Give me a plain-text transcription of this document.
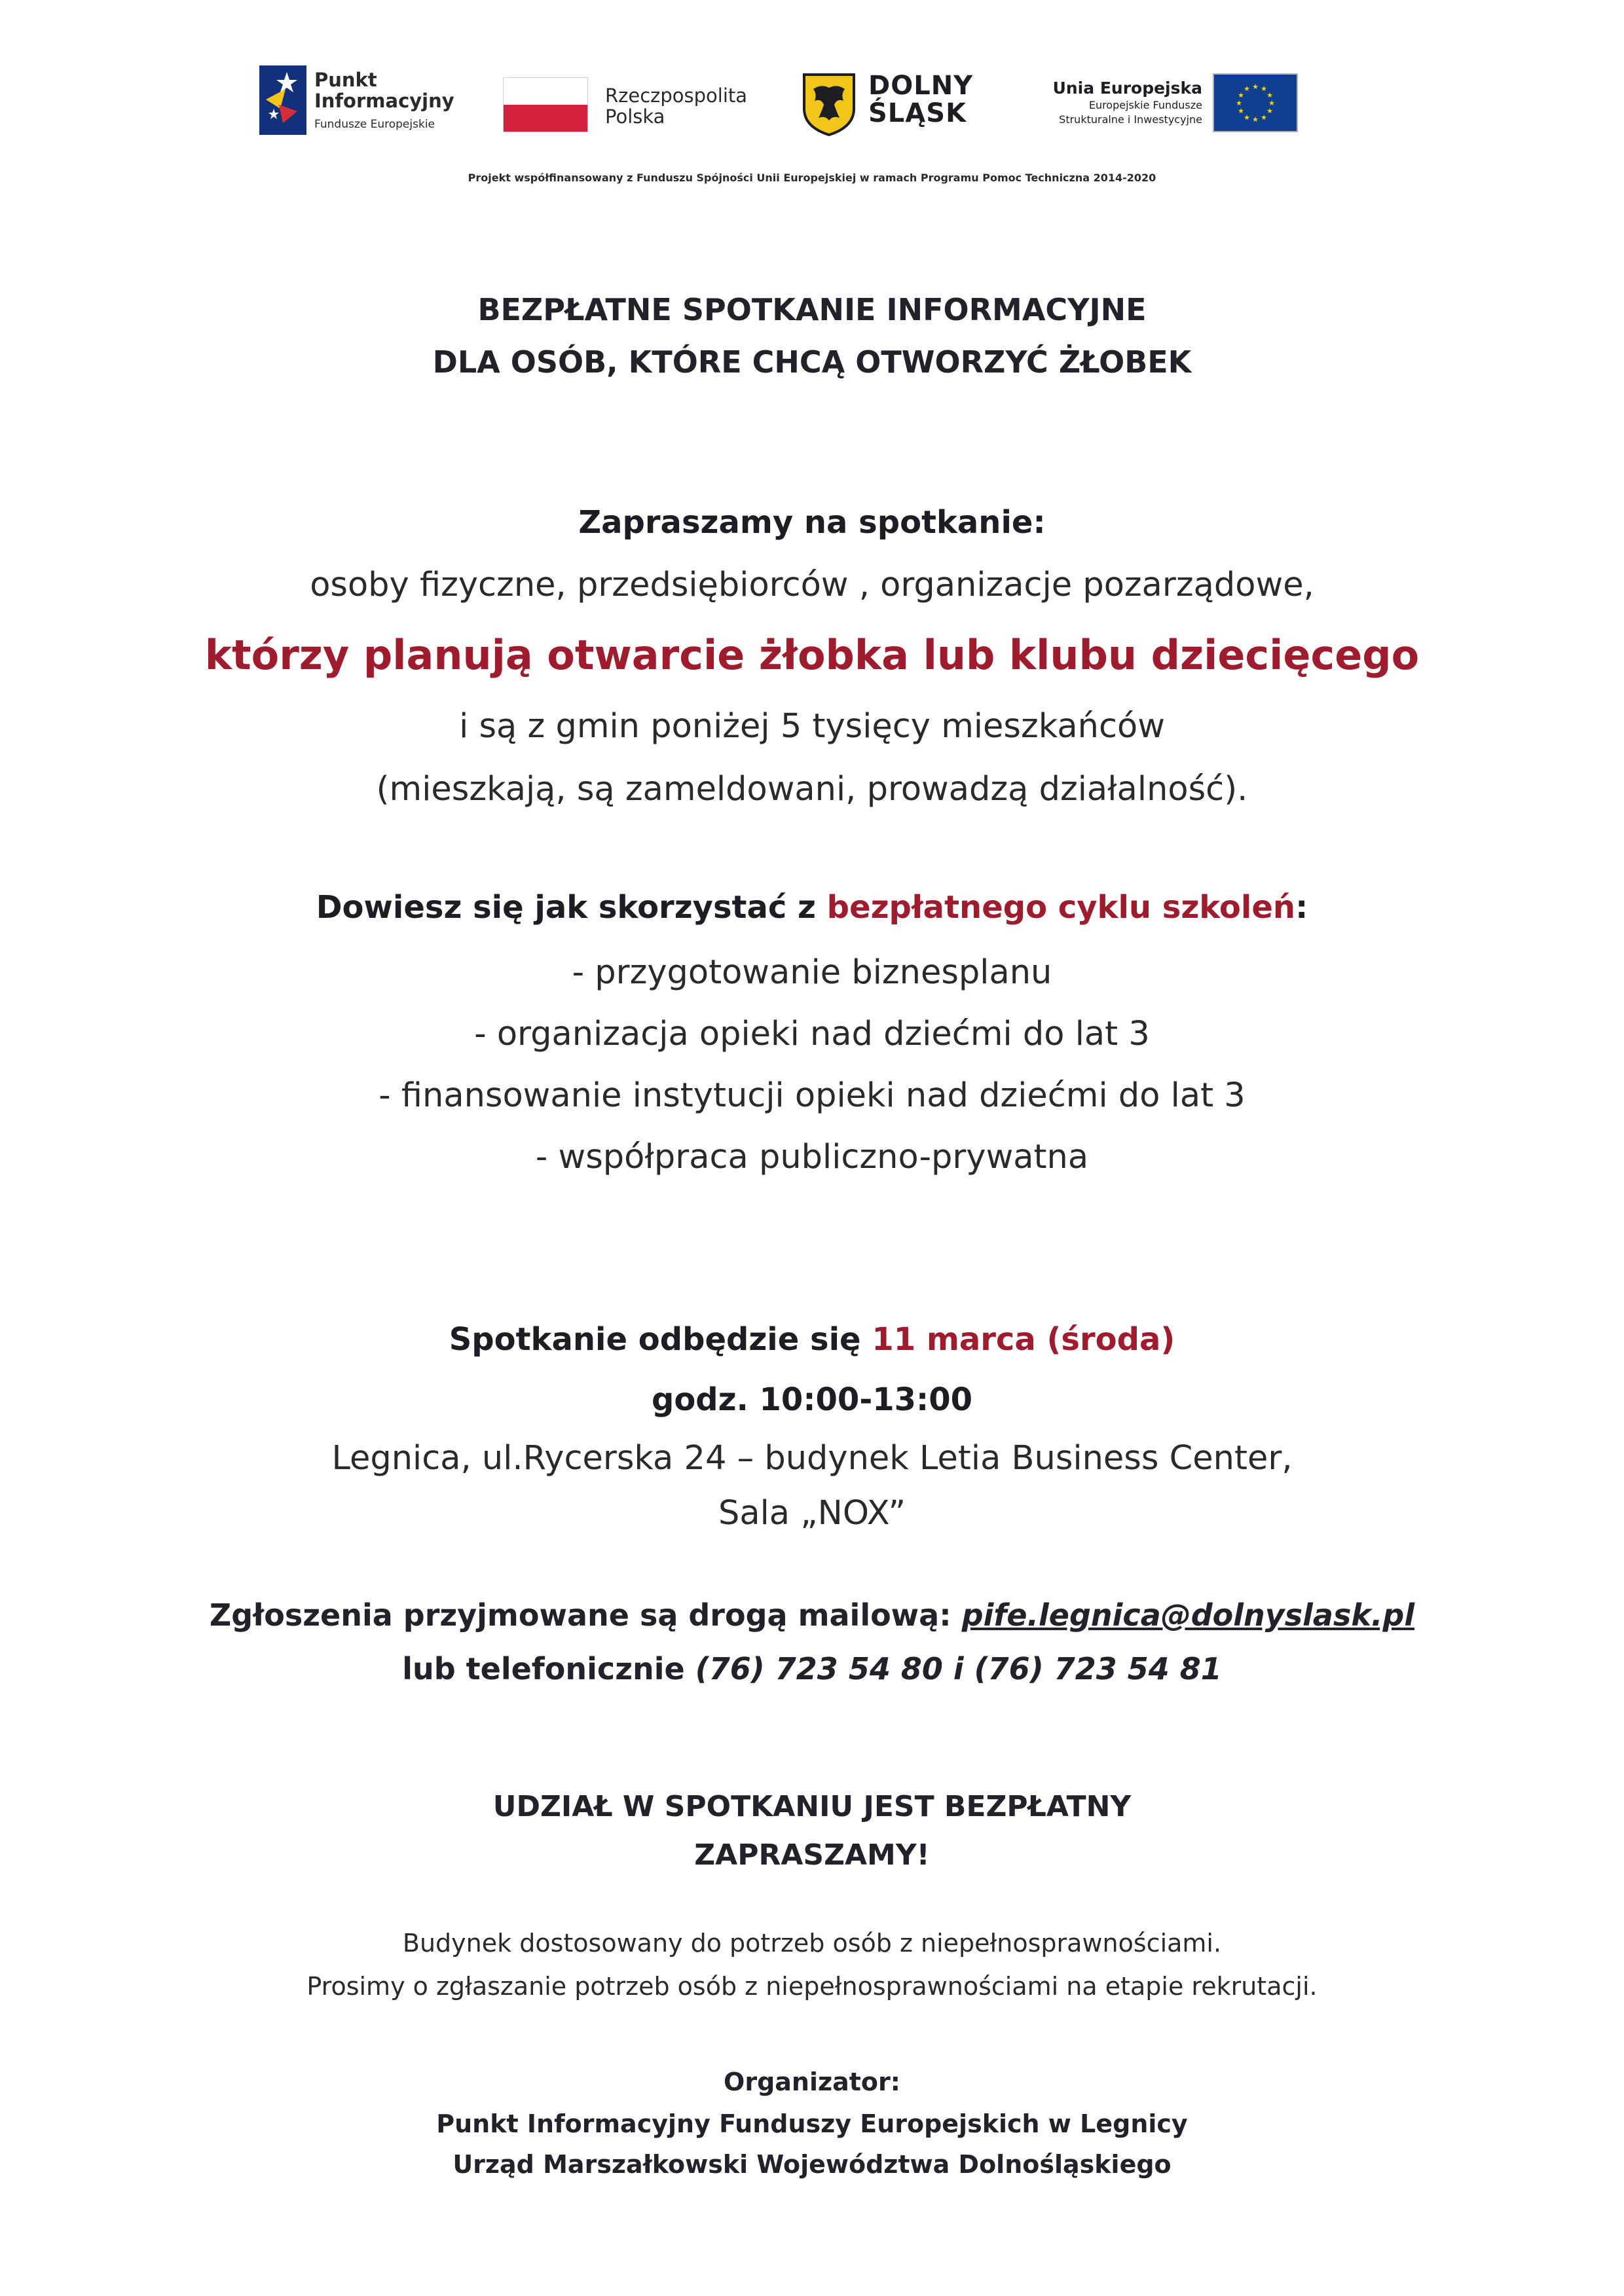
Punkt
Informacyjny
Fundusze Europejskie
Rzeczpospolita
Polska
DOLNY
ŚLĄSK
Unia Europejska
Europejskie Fundusze
Strukturalne i Inwestycyjne
★ ★
★
★
★
★
★
★
★
★
★
★
Projekt współfinansowany z Funduszu Spójności Unii Europejskiej w ramach Programu Pomoc Techniczna 2014-2020
BEZPŁATNE SPOTKANIE INFORMACYJNE
DLA OSÓB, KTÓRE CHCĄ OTWORZYĆ ŻŁOBEK
Zapraszamy na spotkanie:
osoby fizyczne, przedsiębiorców , organizacje pozarządowe,
którzy planują otwarcie żłobka lub klubu dziecięcego
i są z gmin poniżej 5 tysięcy mieszkańców
(mieszkają, są zameldowani, prowadzą działalność).
Dowiesz się jak skorzystać z bezpłatnego cyklu szkoleń:
- przygotowanie biznesplanu
- organizacja opieki nad dziećmi do lat 3
- finansowanie instytucji opieki nad dziećmi do lat 3
- współpraca publiczno-prywatna
Spotkanie odbędzie się 11 marca (środa)
godz. 10:00-13:00
Legnica, ul.Rycerska 24 – budynek Letia Business Center,
Sala „NOX”
Zgłoszenia przyjmowane są drogą mailową: pife.legnica@dolnyslask.pl
lub telefonicznie (76) 723 54 80 i (76) 723 54 81
UDZIAŁ W SPOTKANIU JEST BEZPŁATNY
ZAPRASZAMY!
Budynek dostosowany do potrzeb osób z niepełnosprawnościami.
Prosimy o zgłaszanie potrzeb osób z niepełnosprawnościami na etapie rekrutacji.
Organizator:
Punkt Informacyjny Funduszy Europejskich w Legnicy
Urząd Marszałkowski Województwa Dolnośląskiego
